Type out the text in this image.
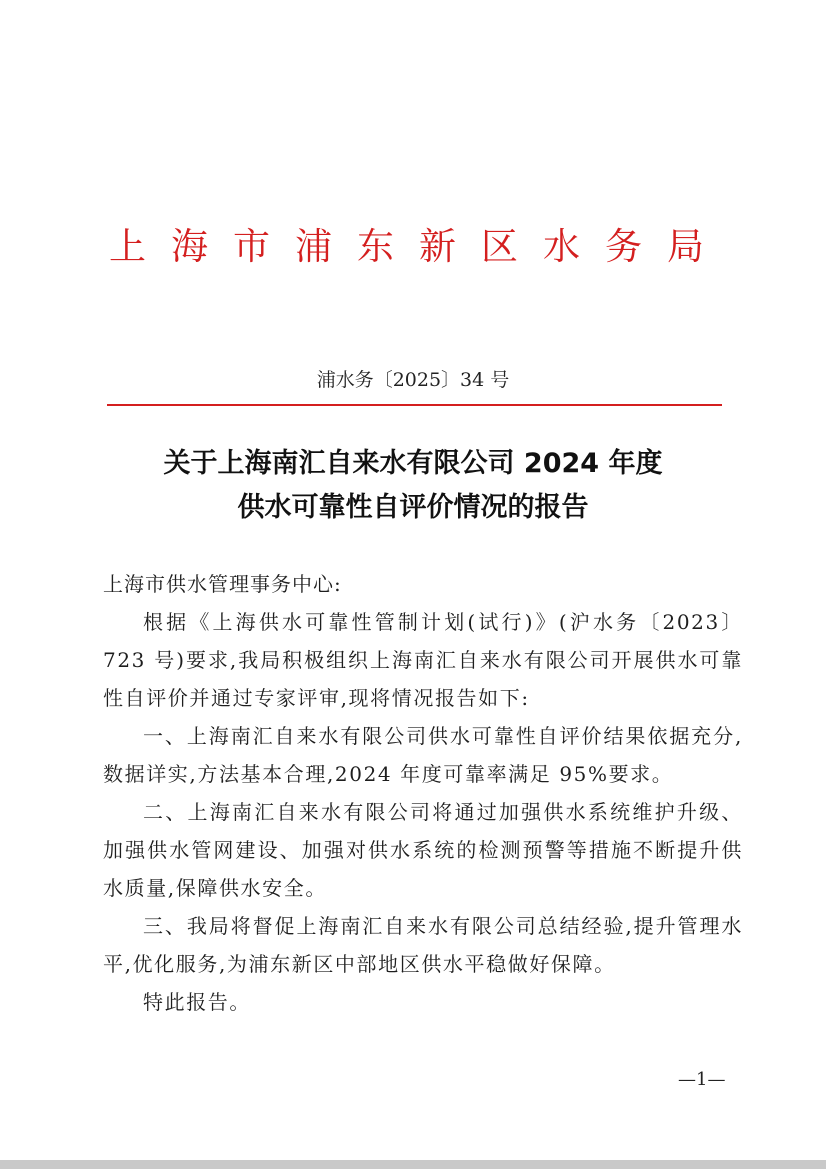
上海市浦东新区水务局
浦水务〔2025〕34 号
关于上海南汇自来水有限公司 2024 年度
供水可靠性自评价情况的报告

上海市供水管理事务中心:

根据《上海供水可靠性管制计划(试行)》(沪水务〔2023〕723 号)要求,我局积极组织上海南汇自来水有限公司开展供水可靠性自评价并通过专家评审,现将情况报告如下:

一、上海南汇自来水有限公司供水可靠性自评价结果依据充分,数据详实,方法基本合理,2024 年度可靠率满足 95%要求。

二、上海南汇自来水有限公司将通过加强供水系统维护升级、加强供水管网建设、加强对供水系统的检测预警等措施不断提升供水质量,保障供水安全。

三、我局将督促上海南汇自来水有限公司总结经验,提升管理水平,优化服务,为浦东新区中部地区供水平稳做好保障。

特此报告。

—1—
